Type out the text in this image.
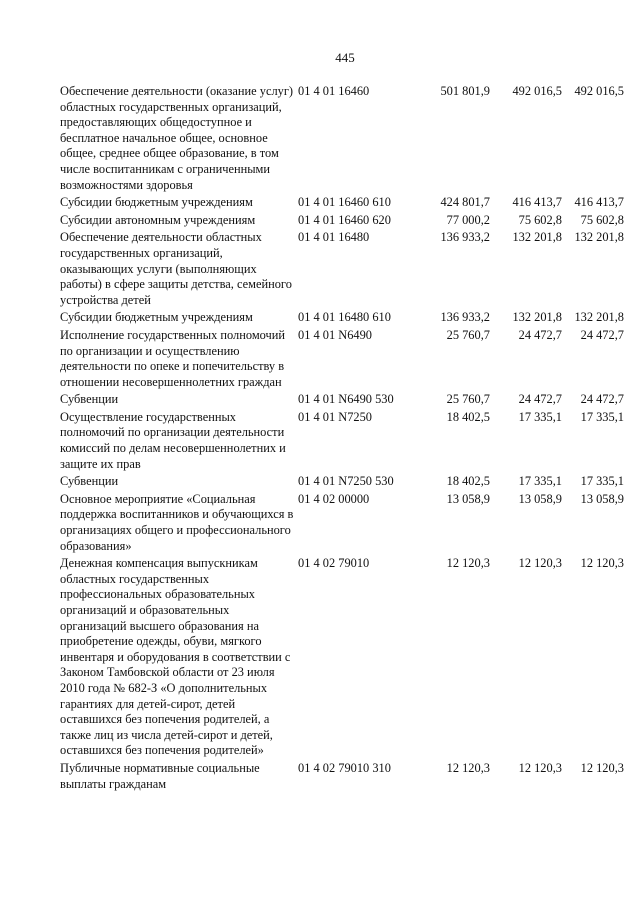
445
Обеспечение деятельности (оказание услуг) областных государственных организаций, предоставляющих общедоступное и бесплатное начальное общее, основное общее, среднее общее образование, в том числе воспитанникам с ограниченными возможностями здоровья	01 4 01 16460	501 801,9	492 016,5	492 016,5
Субсидии бюджетным учреждениям	01 4 01 16460 610	424 801,7	416 413,7	416 413,7
Субсидии автономным учреждениям	01 4 01 16460 620	77 000,2	75 602,8	75 602,8
Обеспечение деятельности областных государственных организаций, оказывающих услуги (выполняющих работы) в сфере защиты детства, семейного устройства детей	01 4 01 16480	136 933,2	132 201,8	132 201,8
Субсидии бюджетным учреждениям	01 4 01 16480 610	136 933,2	132 201,8	132 201,8
Исполнение государственных полномочий по организации и осуществлению деятельности по опеке и попечительству в отношении несовершеннолетних граждан	01 4 01 N6490	25 760,7	24 472,7	24 472,7
Субвенции	01 4 01 N6490 530	25 760,7	24 472,7	24 472,7
Осуществление государственных полномочий по организации деятельности комиссий по делам несовершеннолетних и защите их прав	01 4 01 N7250	18 402,5	17 335,1	17 335,1
Субвенции	01 4 01 N7250 530	18 402,5	17 335,1	17 335,1
Основное мероприятие «Социальная поддержка воспитанников и обучающихся в организациях общего и профессионального образования»	01 4 02 00000	13 058,9	13 058,9	13 058,9
Денежная компенсация выпускникам областных государственных профессиональных образовательных организаций и образовательных организаций высшего образования на приобретение одежды, обуви, мягкого инвентаря и оборудования в соответствии с Законом Тамбовской области от 23 июля 2010 года № 682-З «О дополнительных гарантиях для детей-сирот, детей оставшихся без попечения родителей, а также лиц из числа детей-сирот и детей, оставшихся без попечения родителей»	01 4 02 79010	12 120,3	12 120,3	12 120,3
Публичные нормативные социальные выплаты гражданам	01 4 02 79010 310	12 120,3	12 120,3	12 120,3
